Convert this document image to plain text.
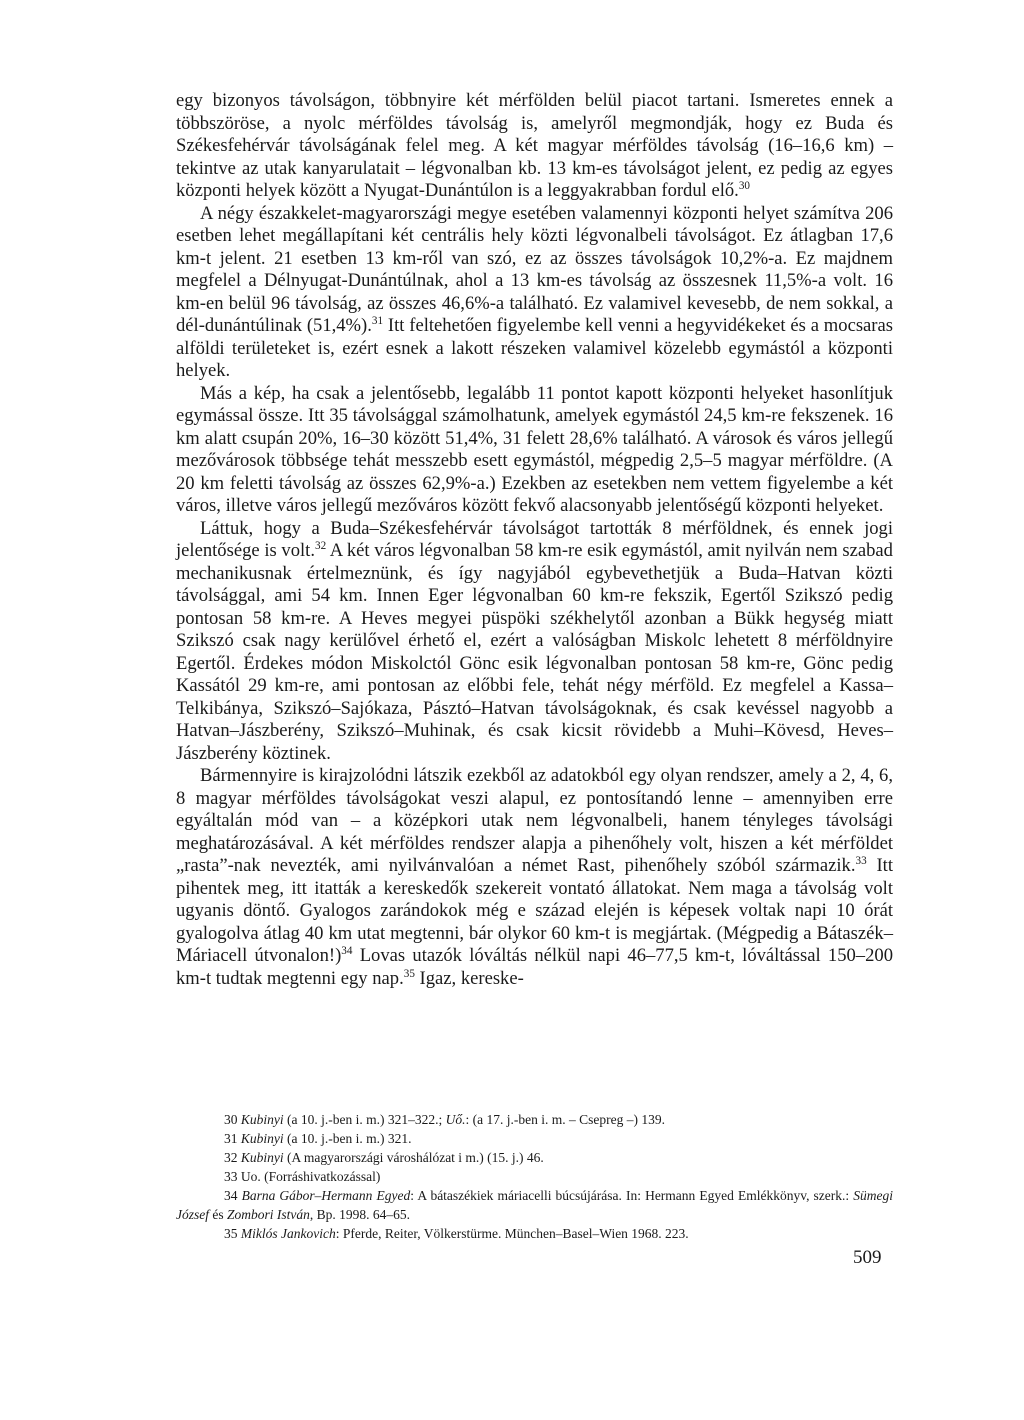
egy bizonyos távolságon, többnyire két mérfölden belül piacot tartani. Ismeretes ennek a többszöröse, a nyolc mérföldes távolság is, amelyről megmondják, hogy ez Buda és Székesfehérvár távolságának felel meg. A két magyar mérföldes távolság (16–16,6 km) – tekintve az utak kanyarulatait – légvonalban kb. 13 km-es távolságot jelent, ez pedig az egyes központi helyek között a Nyugat-Dunántúlon is a leggyakrabban fordul elő.$^{30}$

A négy északkelet-magyarországi megye esetében valamennyi központi helyet számítva 206 esetben lehet megállapítani két centrális hely közti légvonalbeli távolságot. Ez átlagban 17,6 km-t jelent. 21 esetben 13 km-ről van szó, ez az összes távolságok 10,2%-a. Ez majdnem megfelel a Délnyugat-Dunántúlnak, ahol a 13 km-es távolság az összesnek 11,5%-a volt. 16 km-en belül 96 távolság, az összes 46,6%-a található. Ez valamivel kevesebb, de nem sokkal, a dél-dunántúlinak (51,4%).$^{31}$ Itt feltehetően figyelembe kell venni a hegyvidékeket és a mocsaras alföldi területeket is, ezért esnek a lakott részeken valamivel közelebb egymástól a központi helyek.

Más a kép, ha csak a jelentősebb, legalább 11 pontot kapott központi helyeket hasonlítjuk egymással össze. Itt 35 távolsággal számolhatunk, amelyek egymástól 24,5 km-re fekszenek. 16 km alatt csupán 20%, 16–30 között 51,4%, 31 felett 28,6% található. A városok és város jellegű mezővárosok többsége tehát messzebb esett egymástól, mégpedig 2,5–5 magyar mérföldre. (A 20 km feletti távolság az összes 62,9%-a.) Ezekben az esetekben nem vettem figyelembe a két város, illetve város jellegű mezőváros között fekvő alacsonyabb jelentőségű központi helyeket.

Láttuk, hogy a Buda–Székesfehérvár távolságot tartották 8 mérföldnek, és ennek jogi jelentősége is volt.$^{32}$ A két város légvonalban 58 km-re esik egymástól, amit nyilván nem szabad mechanikusnak értelmeznünk, és így nagyjából egybevethetjük a Buda–Hatvan közti távolsággal, ami 54 km. Innen Eger légvonalban 60 km-re fekszik, Egertől Szikszó pedig pontosan 58 km-re. A Heves megyei püspöki székhelytől azonban a Bükk hegység miatt Szikszó csak nagy kerülővel érhető el, ezért a valóságban Miskolc lehetett 8 mérföldnyire Egertől. Érdekes módon Miskolctól Gönc esik légvonalban pontosan 58 km-re, Gönc pedig Kassától 29 km-re, ami pontosan az előbbi fele, tehát négy mérföld. Ez megfelel a Kassa–Telkibánya, Szikszó–Sajókaza, Pásztó–Hatvan távolságoknak, és csak kevéssel nagyobb a Hatvan–Jászberény, Szikszó–Muhinak, és csak kicsit rövidebb a Muhi–Kövesd, Heves–Jászberény köztinek.

Bármennyire is kirajzolódni látszik ezekből az adatokból egy olyan rendszer, amely a 2, 4, 6, 8 magyar mérföldes távolságokat veszi alapul, ez pontosítandó lenne – amennyiben erre egyáltalán mód van – a középkori utak nem légvonalbeli, hanem tényleges távolsági meghatározásával. A két mérföldes rendszer alapja a pihenőhely volt, hiszen a két mérföldet „rasta”-nak nevezték, ami nyilvánvalóan a német Rast, pihenőhely szóból származik.$^{33}$ Itt pihentek meg, itt itatták a kereskedők szekereit vontató állatokat. Nem maga a távolság volt ugyanis döntő. Gyalogos zarándokok még e század elején is képesek voltak napi 10 órát gyalogolva átlag 40 km utat megtenni, bár olykor 60 km-t is megjártak. (Mégpedig a Bátaszék–Máriacell útvonalon!)$^{34}$ Lovas utazók lóváltás nélkül napi 46–77,5 km-t, lóváltással 150–200 km-t tudtak megtenni egy nap.$^{35}$ Igaz, kereske-

30 Kubinyi (a 10. j.-ben i. m.) 321–322.; Uő.: (a 17. j.-ben i. m. – Csepreg –) 139.

31 Kubinyi (a 10. j.-ben i. m.) 321.

32 Kubinyi (A magyarországi városhálózat i m.) (15. j.) 46.

33 Uo. (Forráshivatkozással)

34 Barna Gábor–Hermann Egyed: A bátaszékiek máriacelli búcsújárása. In: Hermann Egyed Emlékkönyv, szerk.: Sümegi József és Zombori István, Bp. 1998. 64–65.

35 Miklós Jankovich: Pferde, Reiter, Völkerstürme. München–Basel–Wien 1968. 223.

509
